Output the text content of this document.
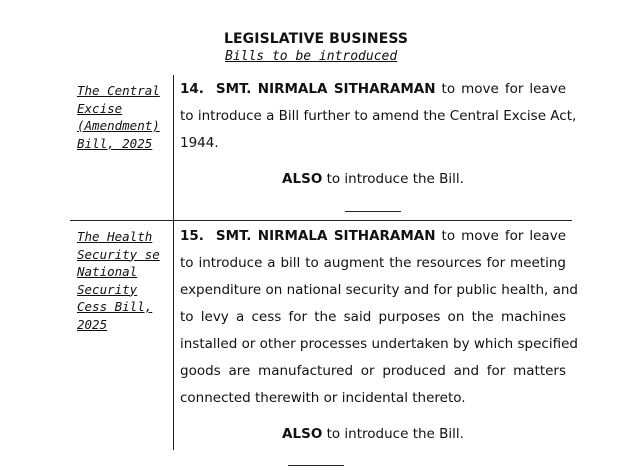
LEGISLATIVE BUSINESS
Bills to be introduced
The Central
Excise
(Amendment)
Bill, 2025
14. SMT. NIRMALA SITHARAMAN to move for leave
to introduce a Bill further to amend the Central Excise Act,
1944.
ALSO to introduce the Bill.
The Health
Security se
National
Security
Cess Bill,
2025
15. SMT. NIRMALA SITHARAMAN to move for leave
to introduce a bill to augment the resources for meeting
expenditure on national security and for public health, and
to levy a cess for the said purposes on the machines
installed or other processes undertaken by which specified
goods are manufactured or produced and for matters
connected therewith or incidental thereto.
ALSO to introduce the Bill.
